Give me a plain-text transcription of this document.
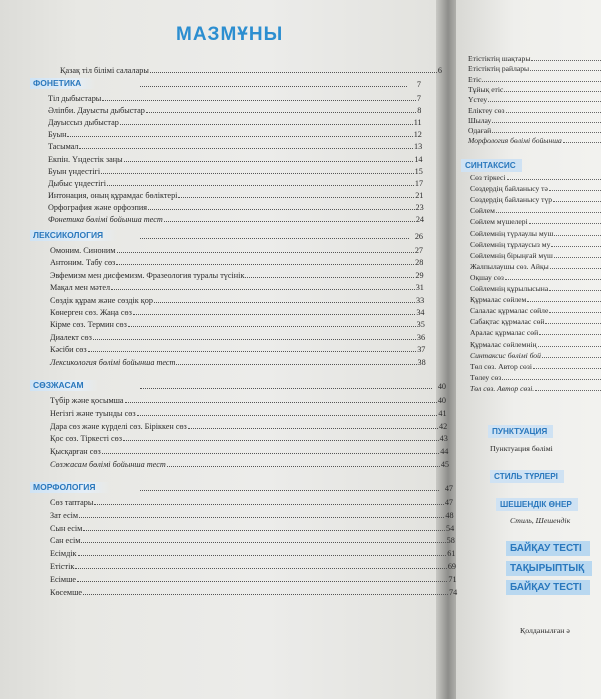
МАЗМҰНЫ
Қазақ тіл білімі салалары	6
ФОНЕТИКА	7
Тіл дыбыстары	7
Әліпби. Дауысты дыбыстар	8
Дауыссыз дыбыстар	11
Буын	12
Тасымал	13
Екпін. Үндестік заңы	14
Буын үндестігі	15
Дыбыс үндестігі	17
Интонация, оның құрамдас бөліктері	21
Орфография және орфоэпия	23
Фонетика бөлімі бойынша тест	24
ЛЕКСИКОЛОГИЯ	26
Омоним. Синоним	27
Антоним. Табу сөз	28
Эвфемизм мен дисфемизм. Фразеология туралы түсінік	29
Мақал мен мәтел	31
Сөздік құрам және сөздік қор	33
Көнерген сөз. Жаңа сөз	34
Кірме сөз. Термин сөз	35
Диалект сөз	36
Кәсіби сөз	37
Лексикология бөлімі бойынша тест	38
СӨЗЖАСАМ	40
Түбір және қосымша	40
Негізгі және туынды сөз	41
Дара сөз және күрделі сөз. Біріккен сөз	42
Қос сөз. Тіркесті сөз	43
Қысқарған сөз	44
Сөзжасам бөлімі бойынша тест	45
МОРФОЛОГИЯ	47
Сөз таптары	47
Зат есім	48
Сын есім	54
Сан есім	58
Есімдік	61
Етістік	69
Есімше	71
Көсемше	74
Етістіктің шақтары
Етістіктің райлары
Етіс
Тұйық етіс
Үстеу
Еліктеу сөз
Шылау
Одағай
Морфология бөлімі бойынша
СИНТАКСИС
Сөз тіркесі
Сөздердің байланысу тә
Сөздердің байланысу түр
Сөйлем
Сөйлем мүшелері
Сөйлемнің түрлаулы муш
Сөйлемнің тұрлаусыз му
Сөйлемнің бірыңғай мүш
Жалпылаушы сөз. Айқы
Оқшау сөз
Сөйлемнің құрылысына
Құрмалас сөйлем
Салалас құрмалас сөйле
Сабақтас құрмалас сөй
Аралас құрмалас сөй
Құрмалас сөйлемнің
Синтаксис бөлімі бой
Төл сөз. Автор сөзі
Төлеу сөз
Төл сөз. Автор сөзі.
ПУНКТУАЦИЯ
Пунктуация бөлімі
СТИЛЬ ТҮРЛЕРІ
ШЕШЕНДІК ӨНЕР
Стиль, Шешендік
БАЙҚАУ ТЕСТІ
ТАҚЫРЫПТЫҚ
БАЙҚАУ ТЕСТІ
Қолданылған ә
